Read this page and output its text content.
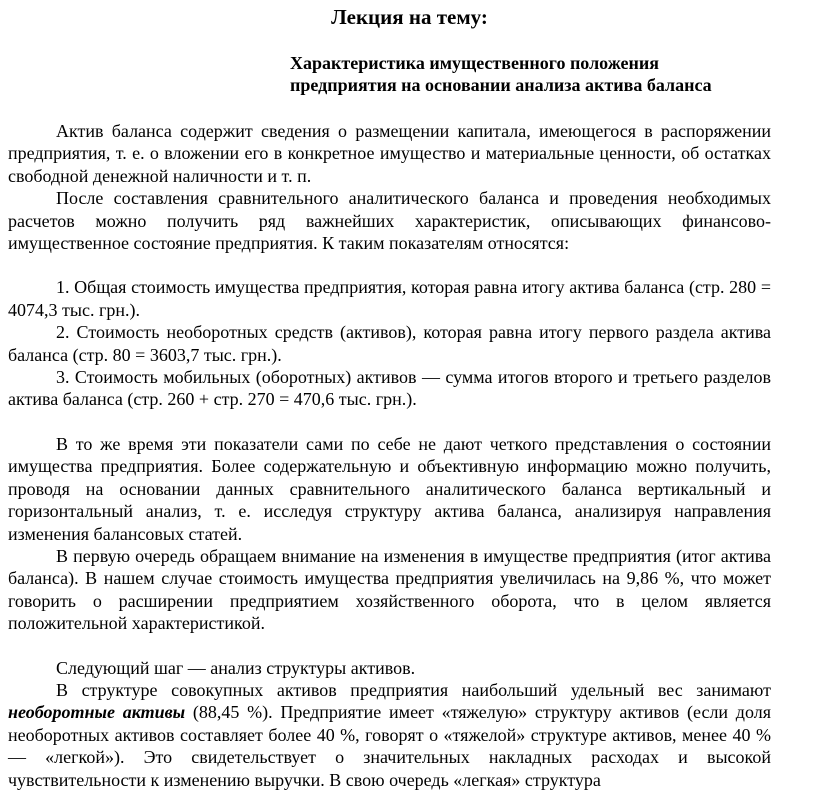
Лекция на тему:
Характеристика имущественного положения
предприятия на основании анализа актива баланса

Актив баланса содержит сведения о размещении капитала, имеющегося в распоряжении предприятия, т. е. о вложении его в конкретное имущество и материальные ценности, об остатках свободной денежной наличности и т. п.

После составления сравнительного аналитического баланса и проведения необходимых расчетов можно получить ряд важнейших характеристик, описывающих финансово-имущественное состояние предприятия. К таким показателям относятся:

1. Общая стоимость имущества предприятия, которая равна итогу актива баланса (стр. 280 = 4074,3 тыс. грн.).

2. Стоимость необоротных средств (активов), которая равна итогу первого раздела актива баланса (стр. 80 = 3603,7 тыс. грн.).

3. Стоимость мобильных (оборотных) активов — сумма итогов второго и третьего разделов актива баланса (стр. 260 + стр. 270 = 470,6 тыс. грн.).

В то же время эти показатели сами по себе не дают четкого представления о состоянии имущества предприятия. Более содержательную и объективную информацию можно получить, проводя на основании данных сравнительного аналитического баланса вертикальный и горизонтальный анализ, т. е. исследуя структуру актива баланса, анализируя направления изменения балансовых статей.

В первую очередь обращаем внимание на изменения в имуществе предприятия (итог актива баланса). В нашем случае стоимость имущества предприятия увеличилась на 9,86 %, что может говорить о расширении предприятием хозяйственного оборота, что в целом является положительной характеристикой.

Следующий шаг — анализ структуры активов.

В структуре совокупных активов предприятия наибольший удельный вес занимают необоротные активы (88,45 %). Предприятие имеет «тяжелую» структуру активов (если доля необоротных активов составляет более 40 %, говорят о «тяжелой» структуре активов, менее 40 % — «легкой»). Это свидетельствует о значительных накладных расходах и высокой чувствительности к изменению выручки. В свою очередь «легкая» структура
